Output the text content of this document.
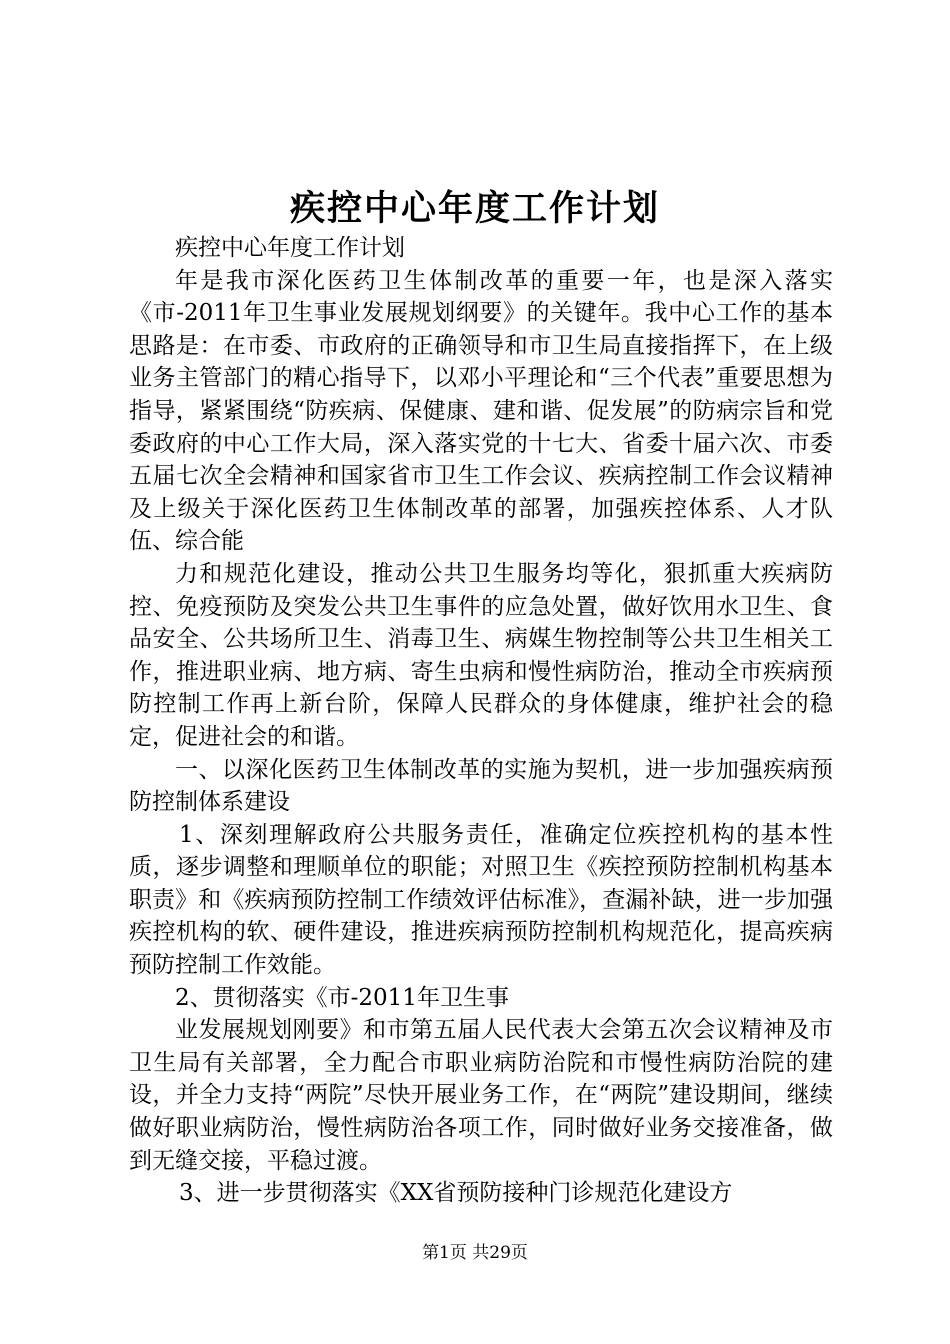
疾控中心年度工作计划

疾控中心年度工作计划

年是我市深化医药卫生体制改革的重要一年，也是深入落实《市-2011年卫生事业发展规划纲要》的关键年。我中心工作的基本思路是：在市委、市政府的正确领导和市卫生局直接指挥下，在上级业务主管部门的精心指导下，以邓小平理论和“三个代表”重要思想为指导，紧紧围绕“防疾病、保健康、建和谐、促发展”的防病宗旨和党委政府的中心工作大局，深入落实党的十七大、省委十届六次、市委五届七次全会精神和国家省市卫生工作会议、疾病控制工作会议精神及上级关于深化医药卫生体制改革的部署，加强疾控体系、人才队伍、综合能

力和规范化建设，推动公共卫生服务均等化，狠抓重大疾病防控、免疫预防及突发公共卫生事件的应急处置，做好饮用水卫生、食品安全、公共场所卫生、消毒卫生、病媒生物控制等公共卫生相关工作，推进职业病、地方病、寄生虫病和慢性病防治，推动全市疾病预防控制工作再上新台阶，保障人民群众的身体健康，维护社会的稳定，促进社会的和谐。

一、以深化医药卫生体制改革的实施为契机，进一步加强疾病预防控制体系建设

1、深刻理解政府公共服务责任，准确定位疾控机构的基本性质，逐步调整和理顺单位的职能；对照卫生《疾控预防控制机构基本职责》和《疾病预防控制工作绩效评估标准》，查漏补缺，进一步加强疾控机构的软、硬件建设，推进疾病预防控制机构规范化，提高疾病预防控制工作效能。

2、贯彻落实《市-2011年卫生事

业发展规划刚要》和市第五届人民代表大会第五次会议精神及市卫生局有关部署，全力配合市职业病防治院和市慢性病防治院的建设，并全力支持“两院”尽快开展业务工作，在“两院”建设期间，继续做好职业病防治，慢性病防治各项工作，同时做好业务交接准备，做到无缝交接，平稳过渡。

3、进一步贯彻落实《XX省预防接种门诊规范化建设方

第1页 共29页
